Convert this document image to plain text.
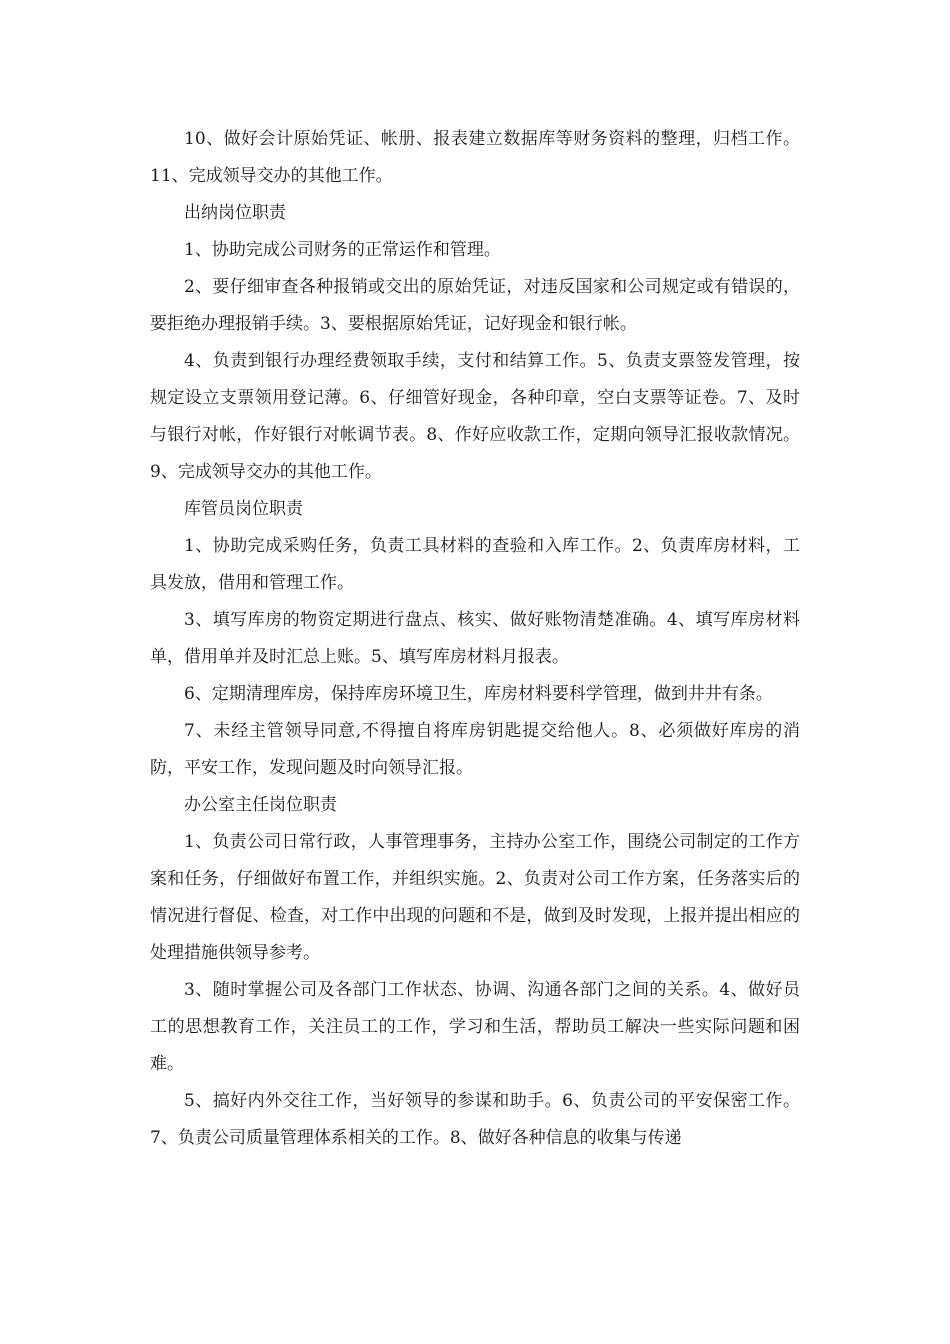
10、做好会计原始凭证、帐册、报表建立数据库等财务资料的整理，归档工作。11、完成领导交办的其他工作。

出纳岗位职责

1、协助完成公司财务的正常运作和管理。

2、要仔细审查各种报销或交出的原始凭证，对违反国家和公司规定或有错误的，要拒绝办理报销手续。3、要根据原始凭证，记好现金和银行帐。

4、负责到银行办理经费领取手续，支付和结算工作。5、负责支票签发管理，按规定设立支票领用登记薄。6、仔细管好现金，各种印章，空白支票等证卷。7、及时与银行对帐，作好银行对帐调节表。8、作好应收款工作，定期向领导汇报收款情况。9、完成领导交办的其他工作。

库管员岗位职责

1、协助完成采购任务，负责工具材料的查验和入库工作。2、负责库房材料，工具发放，借用和管理工作。

3、填写库房的物资定期进行盘点、核实、做好账物清楚准确。4、填写库房材料单，借用单并及时汇总上账。5、填写库房材料月报表。

6、定期清理库房，保持库房环境卫生，库房材料要科学管理，做到井井有条。

7、未经主管领导同意,不得擅自将库房钥匙提交给他人。8、必须做好库房的消防，平安工作，发现问题及时向领导汇报。

办公室主任岗位职责

1、负责公司日常行政，人事管理事务，主持办公室工作，围绕公司制定的工作方案和任务，仔细做好布置工作，并组织实施。2、负责对公司工作方案，任务落实后的情况进行督促、检查，对工作中出现的问题和不是，做到及时发现，上报并提出相应的处理措施供领导参考。

3、随时掌握公司及各部门工作状态、协调、沟通各部门之间的关系。4、做好员工的思想教育工作，关注员工的工作，学习和生活，帮助员工解决一些实际问题和困难。

5、搞好内外交往工作，当好领导的参谋和助手。6、负责公司的平安保密工作。7、负责公司质量管理体系相关的工作。8、做好各种信息的收集与传递
